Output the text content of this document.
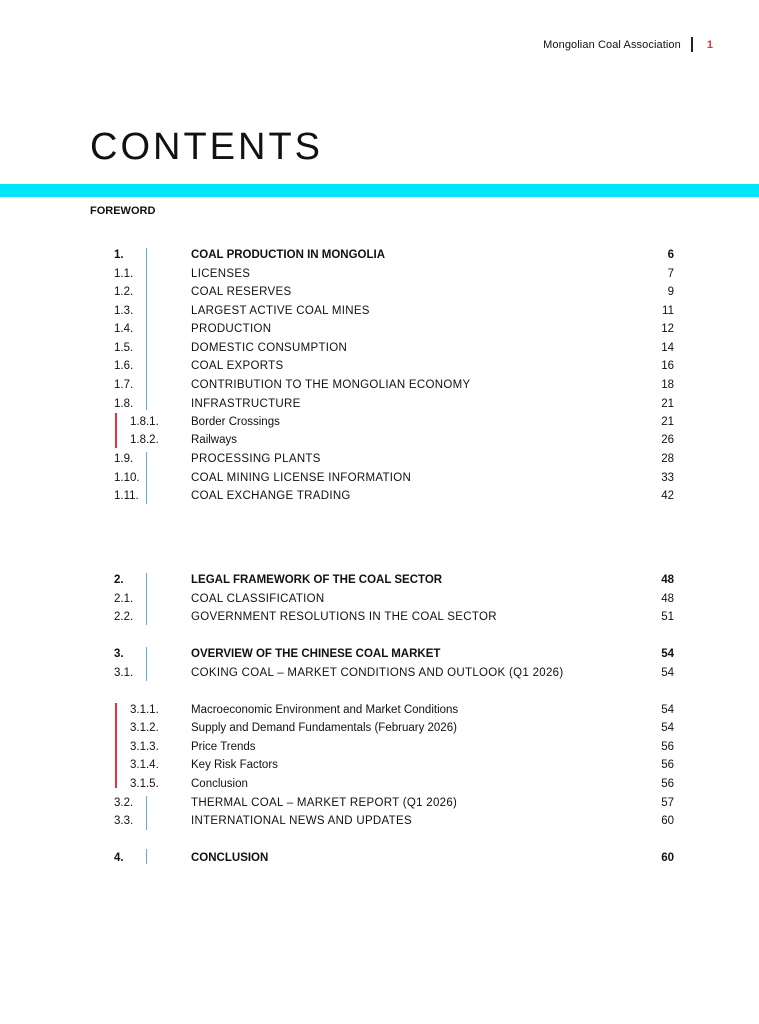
Mongolian Coal Association 1
CONTENTS
FOREWORD
1.	COAL PRODUCTION IN MONGOLIA	6
1.1.	LICENSES	7
1.2.	COAL RESERVES	9
1.3.	LARGEST ACTIVE COAL MINES	11
1.4.	PRODUCTION	12
1.5.	DOMESTIC CONSUMPTION	14
1.6.	COAL EXPORTS	16
1.7.	CONTRIBUTION TO THE MONGOLIAN ECONOMY	18
1.8.	INFRASTRUCTURE	21
1.8.1.	Border Crossings	21
1.8.2.	Railways	26
1.9.	PROCESSING PLANTS	28
1.10.	COAL MINING LICENSE INFORMATION	33
1.11.	COAL EXCHANGE TRADING	42
2.	LEGAL FRAMEWORK OF THE COAL SECTOR	48
2.1.	COAL CLASSIFICATION	48
2.2.	GOVERNMENT RESOLUTIONS IN THE COAL SECTOR	51
3.	OVERVIEW OF THE CHINESE COAL MARKET	54
3.1.	COKING COAL – MARKET CONDITIONS AND OUTLOOK (Q1 2026)	54
3.1.1.	Macroeconomic Environment and Market Conditions	54
3.1.2.	Supply and Demand Fundamentals (February 2026)	54
3.1.3.	Price Trends	56
3.1.4.	Key Risk Factors	56
3.1.5.	Conclusion	56
3.2.	THERMAL COAL – MARKET REPORT (Q1 2026)	57
3.3.	INTERNATIONAL NEWS AND UPDATES	60
4.	CONCLUSION	60
